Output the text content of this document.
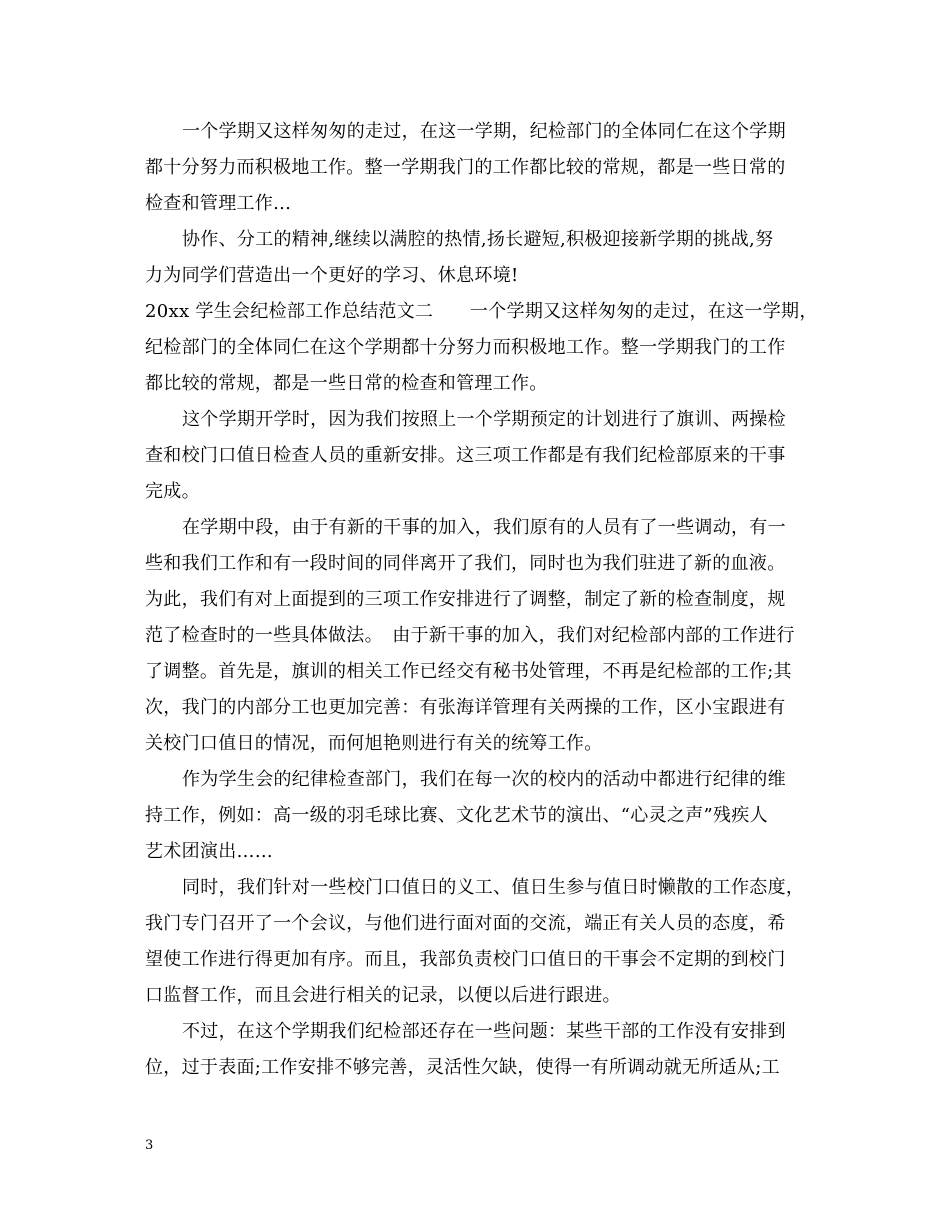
一个学期又这样匆匆的走过，在这一学期，纪检部门的全体同仁在这个学期
都十分努力而积极地工作。整一学期我门的工作都比较的常规，都是一些日常的
检查和管理工作...
协作、分工的精神,继续以满腔的热情,扬长避短,积极迎接新学期的挑战,努
力为同学们营造出一个更好的学习、休息环境!
20xx 学生会纪检部工作总结范文二　　一个学期又这样匆匆的走过，在这一学期，
纪检部门的全体同仁在这个学期都十分努力而积极地工作。整一学期我门的工作
都比较的常规，都是一些日常的检查和管理工作。
这个学期开学时，因为我们按照上一个学期预定的计划进行了旗训、两操检
查和校门口值日检查人员的重新安排。这三项工作都是有我们纪检部原来的干事
完成。
在学期中段，由于有新的干事的加入，我们原有的人员有了一些调动，有一
些和我们工作和有一段时间的同伴离开了我们，同时也为我们驻进了新的血液。
为此，我们有对上面提到的三项工作安排进行了调整，制定了新的检查制度，规
范了检查时的一些具体做法。　由于新干事的加入，我们对纪检部内部的工作进行
了调整。首先是，旗训的相关工作已经交有秘书处管理，不再是纪检部的工作;其
次，我门的内部分工也更加完善：有张海详管理有关两操的工作，区小宝跟进有
关校门口值日的情况，而何旭艳则进行有关的统筹工作。
作为学生会的纪律检查部门，我们在每一次的校内的活动中都进行纪律的维
持工作，例如：高一级的羽毛球比赛、文化艺术节的演出、“心灵之声”残疾人
艺术团演出……
同时，我们针对一些校门口值日的义工、值日生参与值日时懒散的工作态度，
我门专门召开了一个会议，与他们进行面对面的交流，端正有关人员的态度，希
望使工作进行得更加有序。而且，我部负责校门口值日的干事会不定期的到校门
口监督工作，而且会进行相关的记录，以便以后进行跟进。
不过，在这个学期我们纪检部还存在一些问题：某些干部的工作没有安排到
位，过于表面;工作安排不够完善，灵活性欠缺，使得一有所调动就无所适从;工
3
